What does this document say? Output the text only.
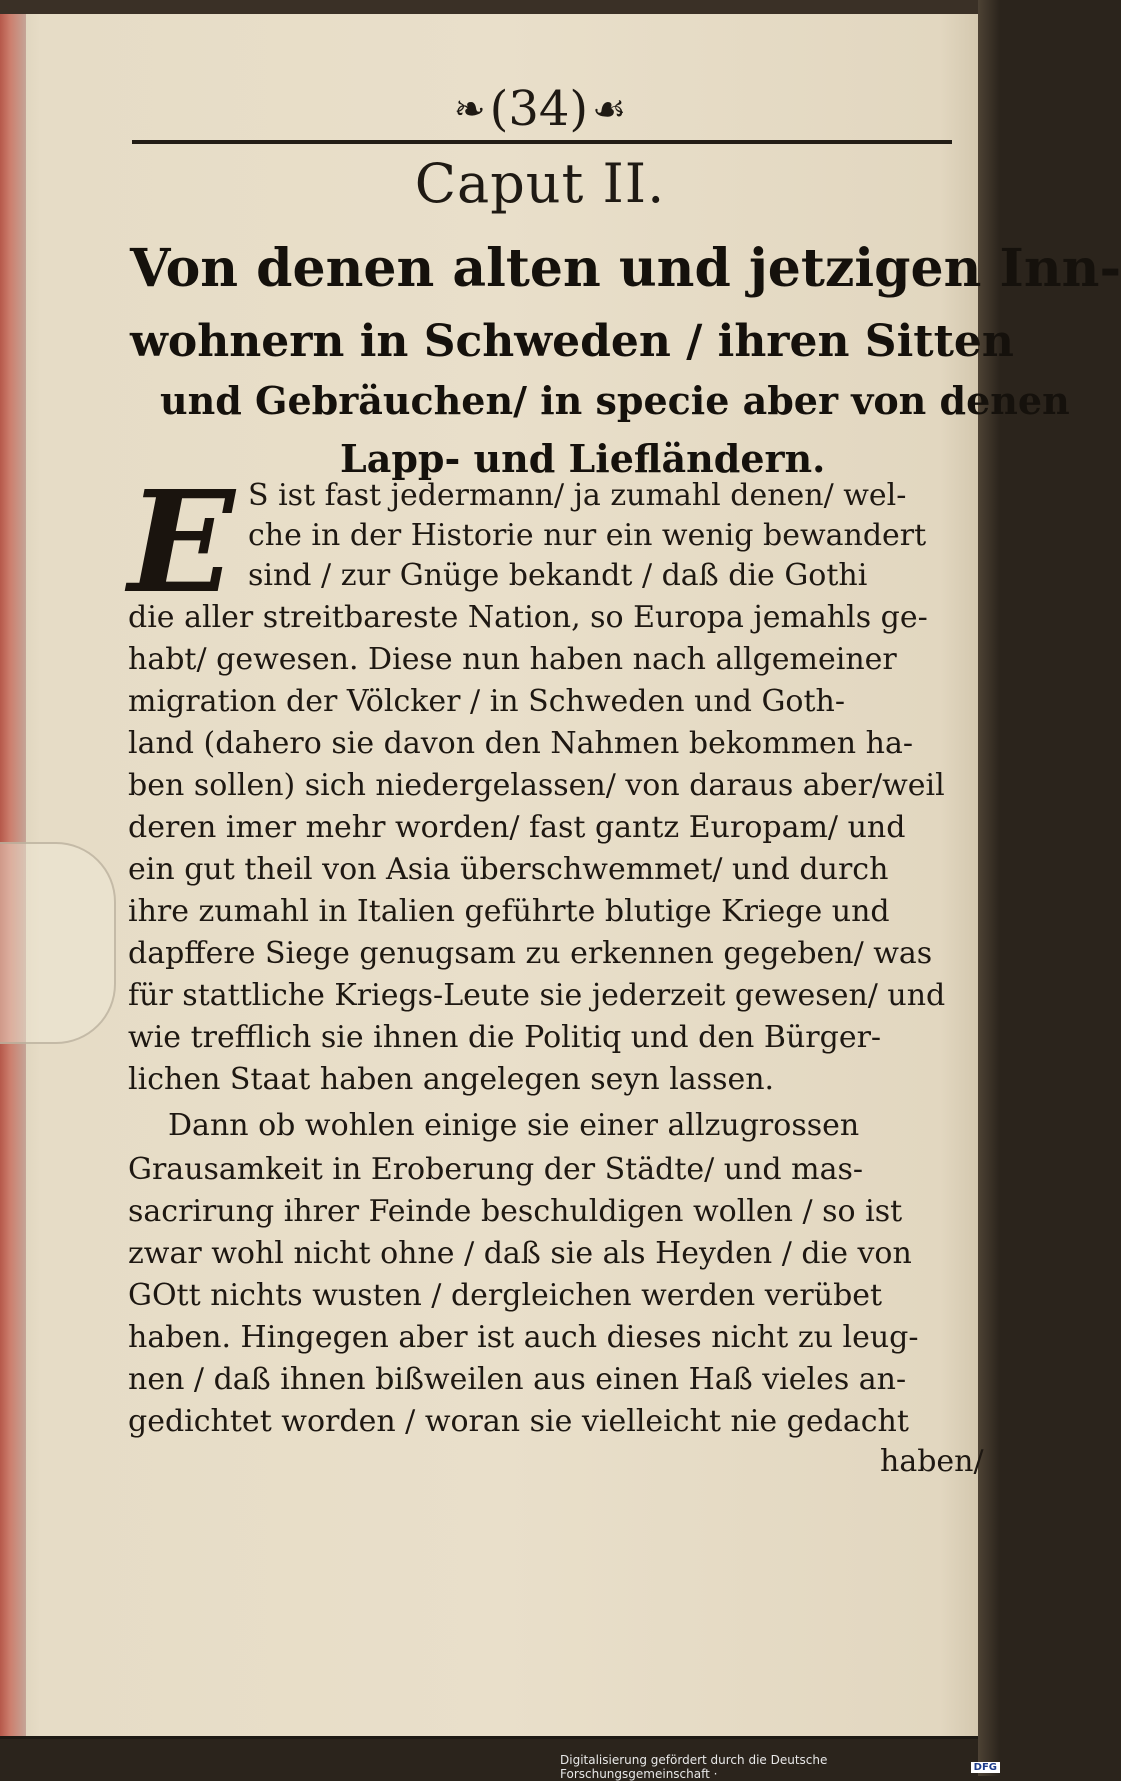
❧ (34) ☙
Caput II.
Von denen alten und jetzigen Inn-
wohnern in Schweden / ihren Sitten
und Gebräuchen/ in specie aber von denen
Lapp- und Liefländern.
E S ist fast jedermann/ ja zumahl denen/ wel-
che in der Historie nur ein wenig bewandert
sind / zur Gnüge bekandt / daß die Gothi
die aller streitbareste Nation, so Europa jemahls ge-
habt/ gewesen. Diese nun haben nach allgemeiner
migration der Völcker / in Schweden und Goth-
land (dahero sie davon den Nahmen bekommen ha-
ben sollen) sich niedergelassen/ von daraus aber/weil
deren imer mehr worden/ fast gantz Europam/ und
ein gut theil von Asia überschwemmet/ und durch
ihre zumahl in Italien geführte blutige Kriege und
dapffere Siege genugsam zu erkennen gegeben/ was
für stattliche Kriegs-Leute sie jederzeit gewesen/ und
wie trefflich sie ihnen die Politiq und den Bürger-
lichen Staat haben angelegen seyn lassen.
Dann ob wohlen einige sie einer allzugrossen
Grausamkeit in Eroberung der Städte/ und mas-
sacrirung ihrer Feinde beschuldigen wollen / so ist
zwar wohl nicht ohne / daß sie als Heyden / die von
GOtt nichts wusten / dergleichen werden verübet
haben. Hingegen aber ist auch dieses nicht zu leug-
nen / daß ihnen bißweilen aus einen Haß vieles an-
gedichtet worden / woran sie vielleicht nie gedacht
haben/
Digitalisierung gefördert durch die Deutsche Forschungsgemeinschaft ·	DFG
